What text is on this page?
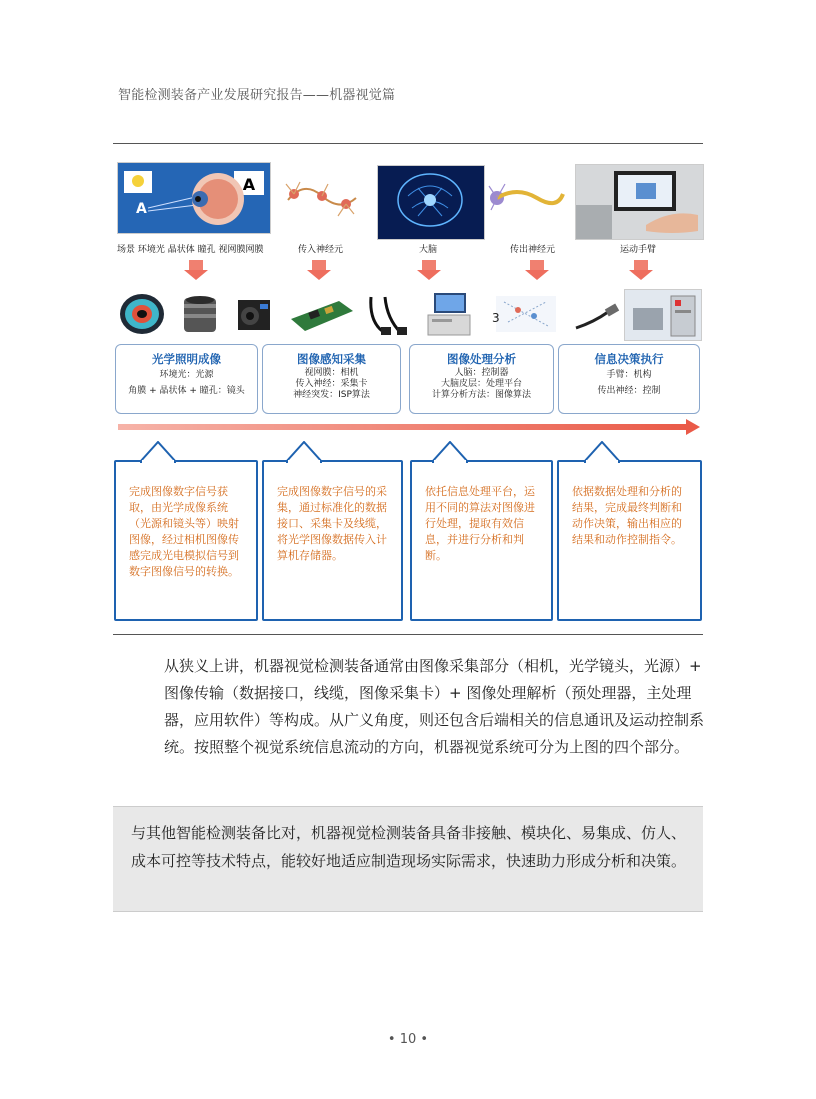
智能检测装备产业发展研究报告——机器视觉篇
A
A
场景 环境光 晶状体 瞳孔 视网膜网膜	传入神经元	大脑	传出神经元	运动手臂
3
光学照明成像
环境光：光源
角膜 + 晶状体 + 瞳孔：镜头
图像感知采集
视网膜：相机
传入神经：采集卡
神经突发：ISP算法
图像处理分析
人脑：控制器
大脑皮层：处理平台
计算分析方法：图像算法
信息决策执行
手臂：机构
传出神经：控制
完成图像数字信号获取，由光学成像系统（光源和镜头等）映射图像，经过相机图像传感完成光电模拟信号到数字图像信号的转换。
完成图像数字信号的采集，通过标准化的数据接口、采集卡及线缆，将光学图像数据传入计算机存储器。
依托信息处理平台，运用不同的算法对图像进行处理，提取有效信息，并进行分析和判断。
依据数据处理和分析的结果，完成最终判断和动作决策，输出相应的结果和动作控制指令。
从狭义上讲，机器视觉检测装备通常由图像采集部分（相机，光学镜头，光源）+ 图像传输（数据接口，线缆，图像采集卡）+ 图像处理解析（预处理器，主处理器，应用软件）等构成。从广义角度，则还包含后端相关的信息通讯及运动控制系统。按照整个视觉系统信息流动的方向，机器视觉系统可分为上图的四个部分。
与其他智能检测装备比对，机器视觉检测装备具备非接触、模块化、易集成、仿人、成本可控等技术特点，能较好地适应制造现场实际需求，快速助力形成分析和决策。
• 10 •
